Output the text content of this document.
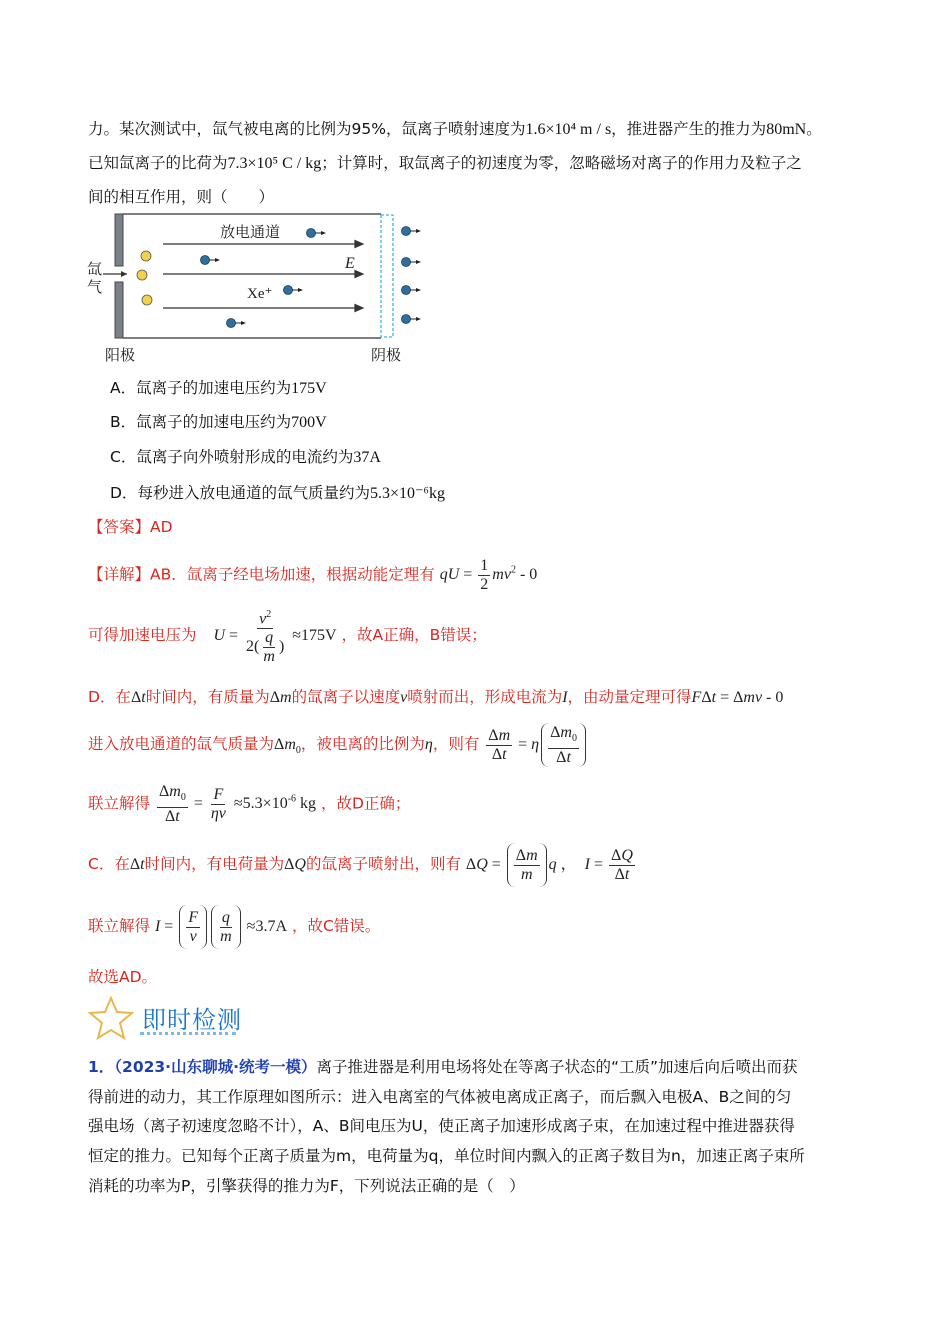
力。某次测试中，氙气被电离的比例为95%，氙离子喷射速度为1.6×10⁴ m / s，推进器产生的推力为80mN。
已知氙离子的比荷为7.3×10⁵ C / kg；计算时，取氙离子的初速度为零，忽略磁场对离子的作用力及粒子之
间的相互作用，则（　　）
氙
气
放电通道
E
Xe⁺
阳极	阴极
A．氙离子的加速电压约为175V
B．氙离子的加速电压约为700V
C．氙离子向外喷射形成的电流约为37A
D．每秒进入放电通道的氙气质量约为5.3×10⁻⁶kg
【答案】AD
【详解】AB．氙离子经电场加速，根据动能定理有 qU = $\frac{1}{2} mv^2 - 0$
可得加速电压为 $U = \frac{v^2}{2( \frac{q}{m} )} \approx 175V$ ，故A正确，B错误；
D．在Δt时间内，有质量为Δm的氙离子以速度v喷射而出，形成电流为I，由动量定理可得FΔt = Δmv - 0
进入放电通道的氙气质量为$\Delta m_0$，被电离的比例为η，则有 $\frac{\Delta m}{\Delta t} = \eta \frac{\Delta m_0}{\Delta t}$
联立解得 $\frac{\Delta m_0}{\Delta t} = \frac{F}{\eta v} \approx 5.3\times 10^{-6}$ kg ，故D正确；
C．在Δt时间内，有电荷量为ΔQ的氙离子喷射出，则有 $\Delta Q = \frac{\Delta m}{m}$ q ，　$I = \frac{\Delta Q}{\Delta t}$
联立解得 $I = \frac{F}{v} \frac{q}{m} \approx 3.7A$ ，故C错误。
故选AD。
即时检测
1．（2023·山东聊城·统考一模）离子推进器是利用电场将处在等离子状态的“工质”加速后向后喷出而获
得前进的动力，其工作原理如图所示：进入电离室的气体被电离成正离子，而后飘入电极A、B之间的匀
强电场（离子初速度忽略不计），A、B间电压为U，使正离子加速形成离子束，在加速过程中推进器获得
恒定的推力。已知每个正离子质量为m，电荷量为q，单位时间内飘入的正离子数目为n，加速正离子束所
消耗的功率为P，引擎获得的推力为F，下列说法正确的是（　）
